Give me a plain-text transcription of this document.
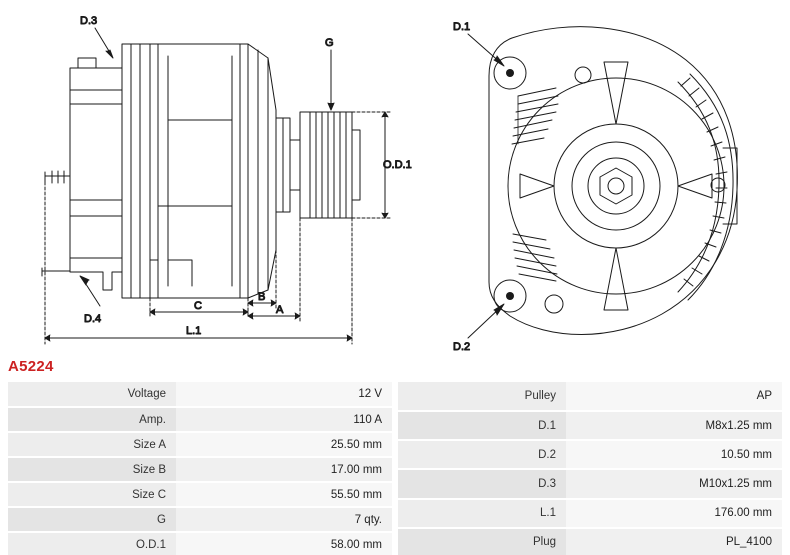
O.D.1
G
D.3
D.4
C
B
A
L.1
D.1
D.2
A5224
Voltage	12 V
Amp.	110 A
Size A	25.50 mm
Size B	17.00 mm
Size C	55.50 mm
G	7 qty.
O.D.1	58.00 mm
Pulley	AP
D.1	M8x1.25 mm
D.2	10.50 mm
D.3	M10x1.25 mm
L.1	176.00 mm
Plug	PL_4100
